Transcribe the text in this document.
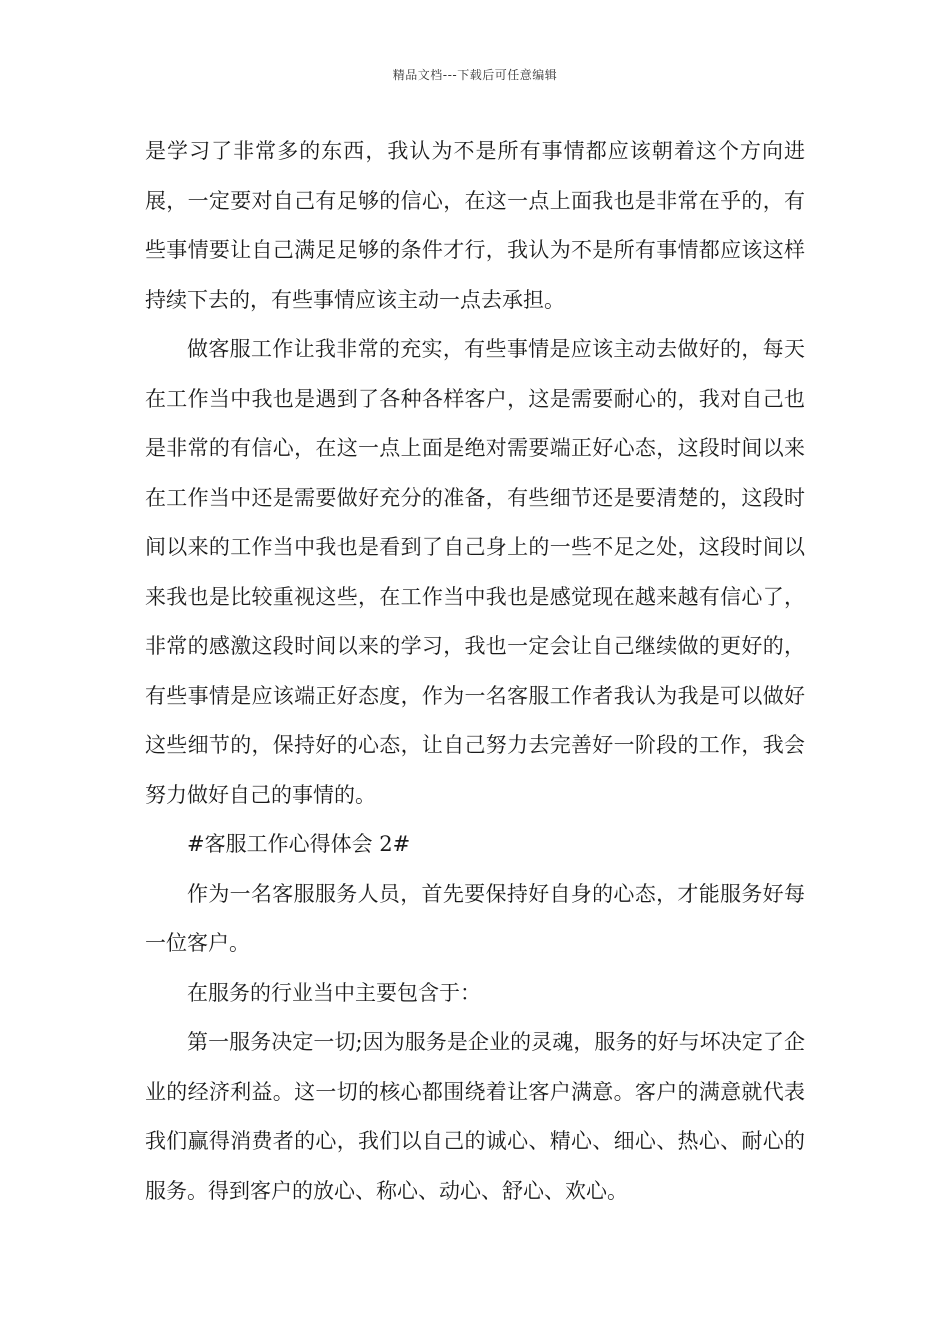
精品文档---下载后可任意编辑

是学习了非常多的东西，我认为不是所有事情都应该朝着这个方向进展，一定要对自己有足够的信心，在这一点上面我也是非常在乎的，有些事情要让自己满足足够的条件才行，我认为不是所有事情都应该这样持续下去的，有些事情应该主动一点去承担。

做客服工作让我非常的充实，有些事情是应该主动去做好的，每天在工作当中我也是遇到了各种各样客户，这是需要耐心的，我对自己也是非常的有信心，在这一点上面是绝对需要端正好心态，这段时间以来在工作当中还是需要做好充分的准备，有些细节还是要清楚的，这段时间以来的工作当中我也是看到了自己身上的一些不足之处，这段时间以来我也是比较重视这些，在工作当中我也是感觉现在越来越有信心了，非常的感激这段时间以来的学习，我也一定会让自己继续做的更好的，有些事情是应该端正好态度，作为一名客服工作者我认为我是可以做好这些细节的，保持好的心态，让自己努力去完善好一阶段的工作，我会努力做好自己的事情的。

#客服工作心得体会 2#

作为一名客服服务人员，首先要保持好自身的心态，才能服务好每一位客户。

在服务的行业当中主要包含于：

第一服务决定一切;因为服务是企业的灵魂，服务的好与坏决定了企业的经济利益。这一切的核心都围绕着让客户满意。客户的满意就代表我们赢得消费者的心，我们以自己的诚心、精心、细心、热心、耐心的服务。得到客户的放心、称心、动心、舒心、欢心。
